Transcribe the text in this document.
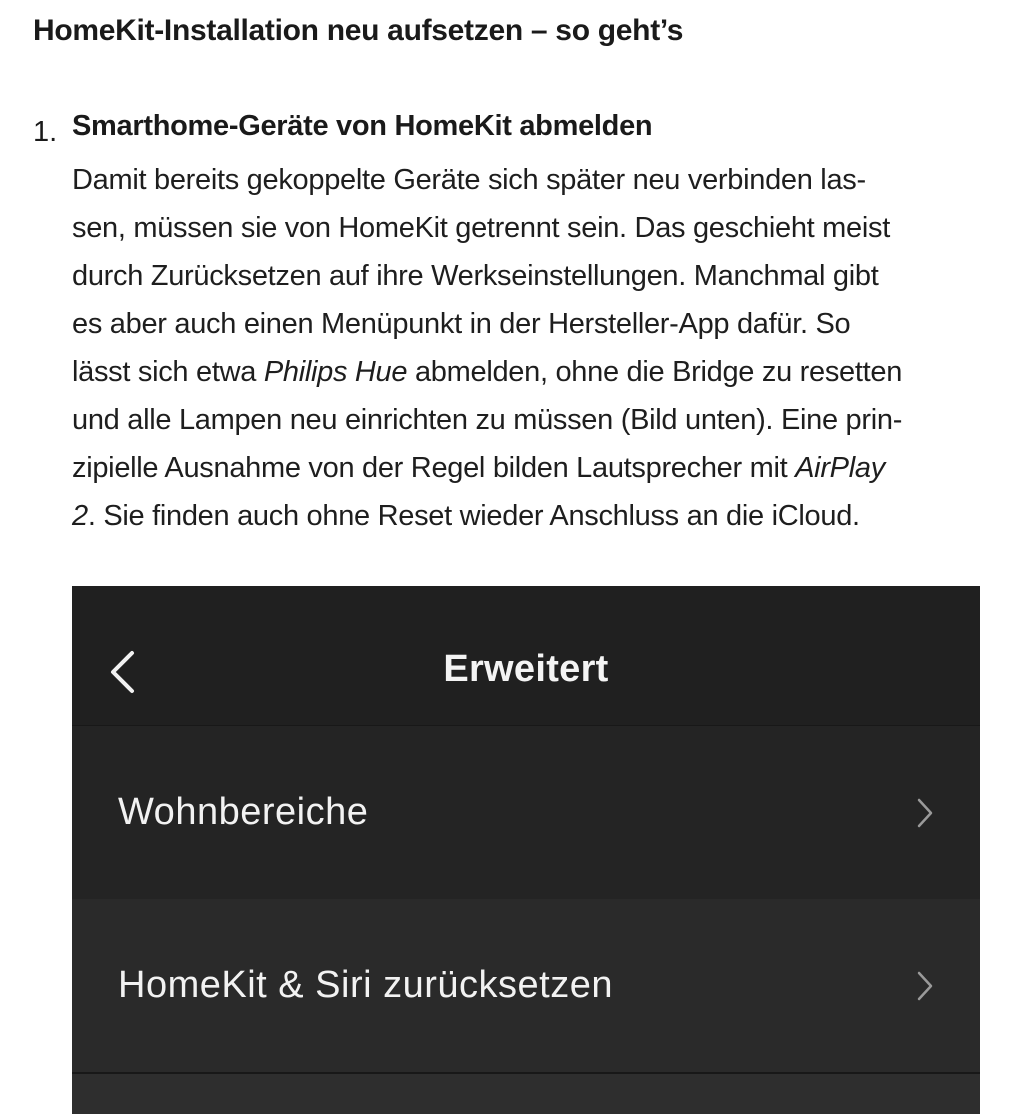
HomeKit-Installation neu aufsetzen – so geht’s
1. Smarthome-Geräte von HomeKit abmelden
Damit bereits gekoppelte Geräte sich später neu verbinden las-
sen, müssen sie von HomeKit getrennt sein. Das geschieht meist
durch Zurücksetzen auf ihre Werkseinstellungen. Manchmal gibt
es aber auch einen Menüpunkt in der Hersteller-App dafür. So
lässt sich etwa Philips Hue abmelden, ohne die Bridge zu resetten
und alle Lampen neu einrichten zu müssen (Bild unten). Eine prin-
zipielle Ausnahme von der Regel bilden Lautsprecher mit AirPlay
2. Sie finden auch ohne Reset wieder Anschluss an die iCloud.
Erweitert
Wohnbereiche
HomeKit & Siri zurücksetzen
